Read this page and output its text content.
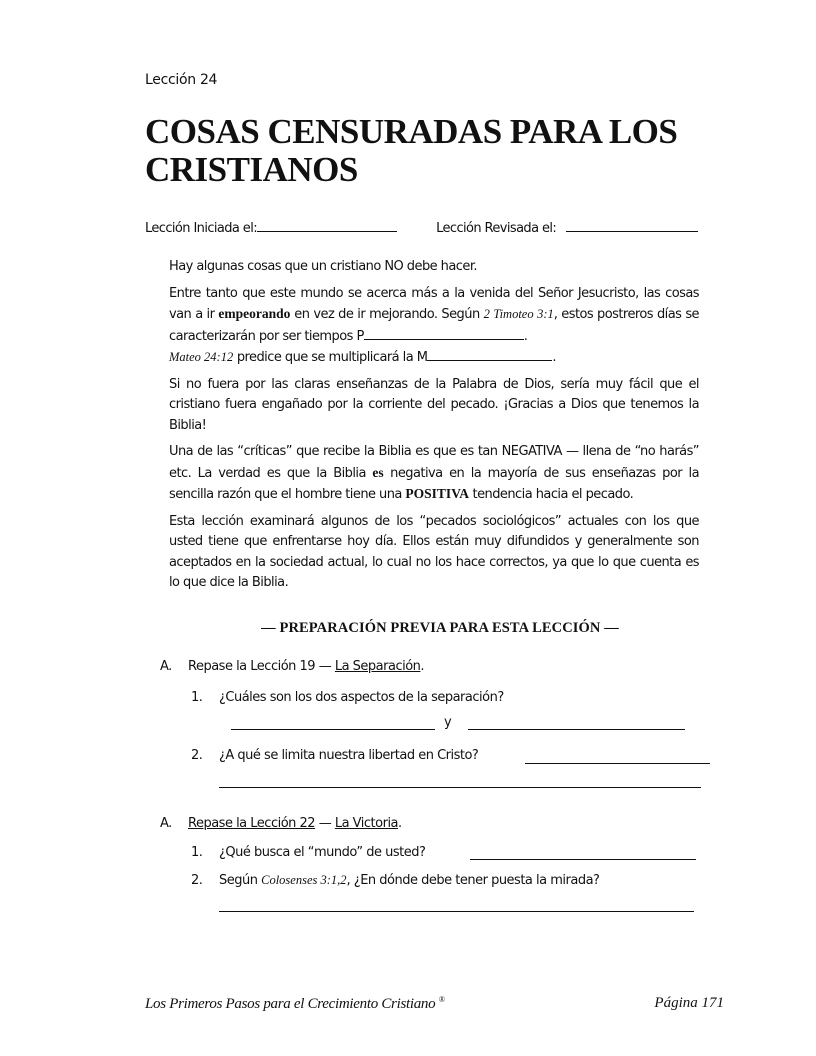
Lección 24
COSAS CENSURADAS PARA LOS CRISTIANOS
Lección Iniciada el:	Lección Revisada el:

Hay algunas cosas que un cristiano NO debe hacer.

Entre tanto que este mundo se acerca más a la venida del Señor Jesucristo, las cosas van a ir empeorando en vez de ir mejorando. Según 2 Timoteo 3:1, estos postreros días se caracterizarán por ser tiempos P	.
Mateo 24:12 predice que se multiplicará la M	.

Si no fuera por las claras enseñanzas de la Palabra de Dios, sería muy fácil que el cristiano fuera engañado por la corriente del pecado. ¡Gracias a Dios que tenemos la Biblia!

Una de las “críticas” que recibe la Biblia es que es tan NEGATIVA — llena de “no harás” etc. La verdad es que la Biblia es negativa en la mayoría de sus enseñazas por la sencilla razón que el hombre tiene una POSITIVA tendencia hacia el pecado.

Esta lección examinará algunos de los “pecados sociológicos” actuales con los que usted tiene que enfrentarse hoy día. Ellos están muy difundidos y generalmente son aceptados en la sociedad actual, lo cual no los hace correctos, ya que lo que cuenta es lo que dice la Biblia.

— PREPARACIÓN PREVIA PARA ESTA LECCIÓN —
A. Repase la Lección 19 — La Separación.
1. ¿Cuáles son los dos aspectos de la separación?
y
2. ¿A qué se limita nuestra libertad en Cristo?
A. Repase la Lección 22 — La Victoria.
1. ¿Qué busca el “mundo” de usted?
2. Según Colosenses 3:1,2, ¿En dónde debe tener puesta la mirada?
Los Primeros Pasos para el Crecimiento Cristiano ®	Página 171
